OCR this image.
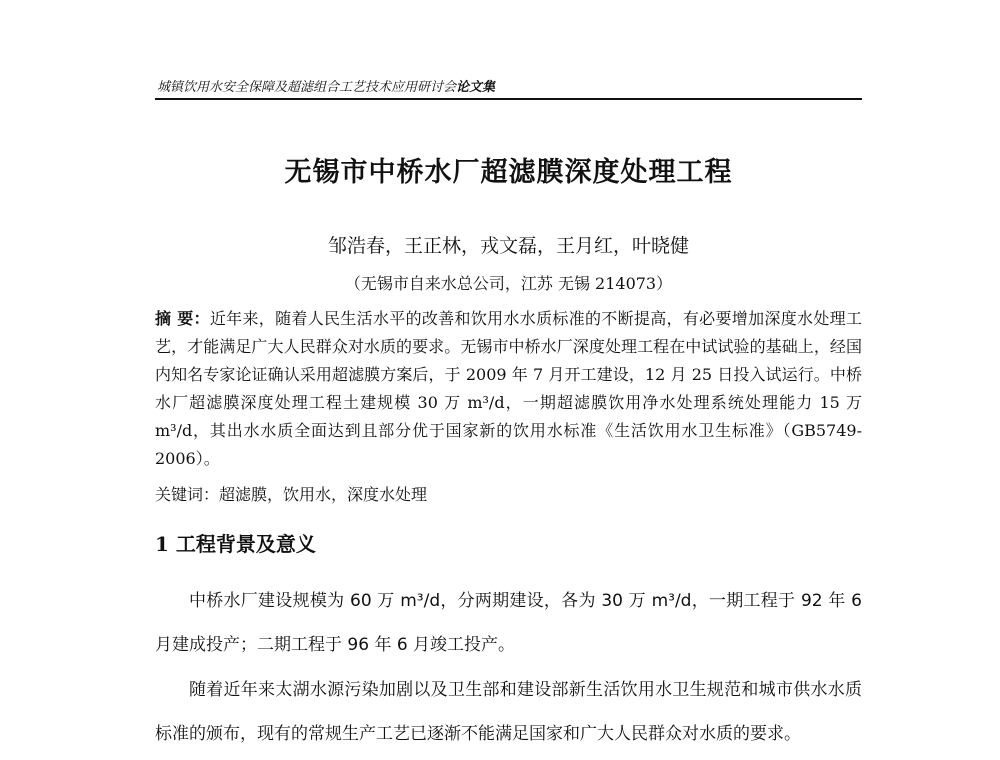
城镇饮用水安全保障及超滤组合工艺技术应用研讨会论文集
无锡市中桥水厂超滤膜深度处理工程
邹浩春，王正林，戎文磊，王月红，叶晓健
（无锡市自来水总公司，江苏 无锡 214073）
摘 要：近年来，随着人民生活水平的改善和饮用水水质标准的不断提高，有必要增加深度水处理工艺，才能满足广大人民群众对水质的要求。无锡市中桥水厂深度处理工程在中试试验的基础上，经国内知名专家论证确认采用超滤膜方案后，于 2009 年 7 月开工建设，12 月 25 日投入试运行。中桥水厂超滤膜深度处理工程土建规模 30 万 m³/d，一期超滤膜饮用净水处理系统处理能力 15 万 m³/d，其出水水质全面达到且部分优于国家新的饮用水标准《生活饮用水卫生标准》（GB5749-2006）。
关键词：超滤膜，饮用水，深度水处理
1 工程背景及意义
中桥水厂建设规模为 60 万 m³/d，分两期建设，各为 30 万 m³/d，一期工程于 92 年 6 月建成投产；二期工程于 96 年 6 月竣工投产。
随着近年来太湖水源污染加剧以及卫生部和建设部新生活饮用水卫生规范和城市供水水质标准的颁布，现有的常规生产工艺已逐渐不能满足国家和广大人民群众对水质的要求。
